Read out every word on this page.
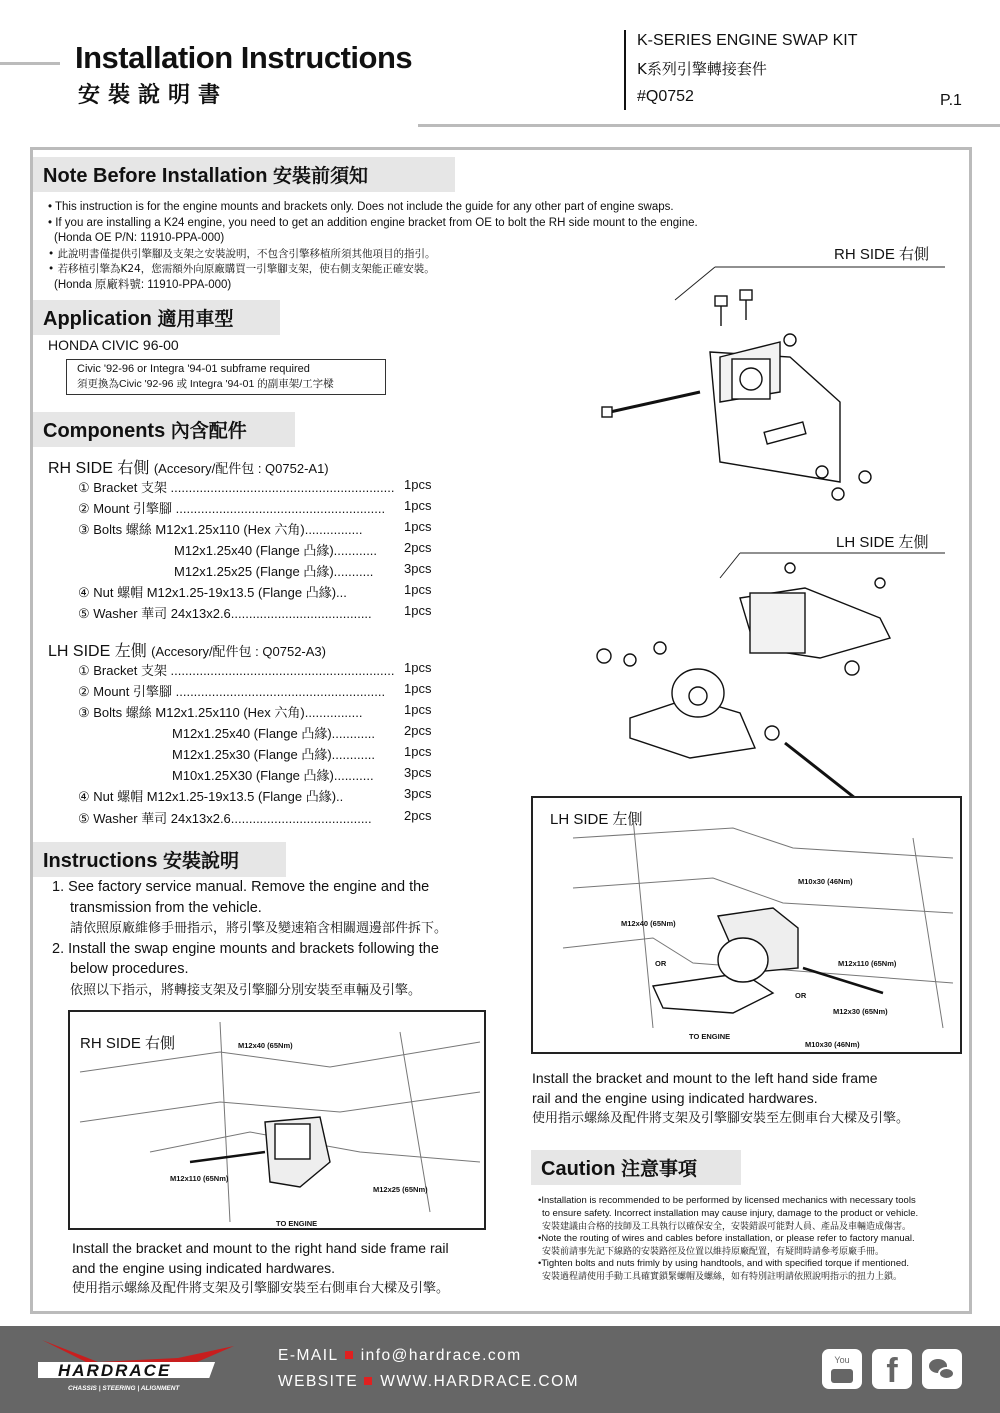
Installation Instructions
安裝說明書
K-SERIES ENGINE SWAP KIT
K系列引擎轉接套件
#Q0752	P.1
Note Before Installation 安裝前須知
• This instruction is for the engine mounts and brackets only. Does not include the guide for any other part of engine swaps.
• If you are installing a K24 engine, you need to get an addition engine bracket from OE to bolt the RH side mount to the engine.
(Honda OE P/N: 11910-PPA-000)
• 此說明書僅提供引擎腳及支架之安裝說明，不包含引擎移植所須其他項目的指引。
• 若移植引擎為K24，您需額外向原廠購買一引擎腳支架，使右側支架能正確安裝。
(Honda 原廠料號: 11910-PPA-000)
Application 適用車型
HONDA CIVIC 96-00
Civic '92-96 or Integra '94-01 subframe required
須更換為Civic '92-96 或 Integra '94-01 的副車架/工字樑
Components 內含配件
RH SIDE 右側 (Accesory/配件包 : Q0752-A1)
① Bracket 支架 .............................................................. 1pcs
② Mount 引擎腳 .......................................................... 1pcs
③ Bolts 螺絲 M12x1.25x110 (Hex 六角)................	1pcs
M12x1.25x40 (Flange 凸緣)............ 2pcs
M12x1.25x25 (Flange 凸緣)........... 3pcs
④ Nut 螺帽 M12x1.25-19x13.5 (Flange 凸緣)...	1pcs
⑤ Washer 華司 24x13x2.6....................................... 1pcs
LH SIDE 左側 (Accesory/配件包 : Q0752-A3)
① Bracket 支架 .............................................................. 1pcs
② Mount 引擎腳 .......................................................... 1pcs
③ Bolts 螺絲 M12x1.25x110 (Hex 六角)................	1pcs
M12x1.25x40 (Flange 凸緣)............ 2pcs
M12x1.25x30 (Flange 凸緣)............ 1pcs
M10x1.25X30 (Flange 凸緣)........... 3pcs
④ Nut 螺帽 M12x1.25-19x13.5 (Flange 凸緣)..	3pcs
⑤ Washer 華司 24x13x2.6....................................... 2pcs
RH SIDE 右側
LH SIDE 左側
Instructions 安裝說明
1. See factory service manual. Remove the engine and the
transmission from the vehicle.
請依照原廠維修手冊指示，將引擎及變速箱含相關週邊部件拆下。
2. Install the swap engine mounts and brackets following the
below procedures.
依照以下指示，將轉接支架及引擎腳分別安裝至車輛及引擎。
LH SIDE 左側
M10x30 (46Nm)
M12x40 (65Nm)
OR	M12x110 (65Nm)
OR
M12x30 (65Nm)
TO ENGINE
M10x30 (46Nm)
Install the bracket and mount to the left hand side frame
rail and the engine using indicated hardwares.
使用指示螺絲及配件將支架及引擎腳安裝至左側車台大樑及引擎。
RH SIDE 右側	M12x40 (65Nm)
M12x110 (65Nm)
M12x25 (65Nm)
TO ENGINE
Install the bracket and mount to the right hand side frame rail
and the engine using indicated hardwares.
使用指示螺絲及配件將支架及引擎腳安裝至右側車台大樑及引擎。
Caution 注意事項
•Installation is recommended to be performed by licensed mechanics with necessary tools
to ensure safety. Incorrect installation may cause injury, damage to the product or vehicle.
安裝建議由合格的技師及工具執行以確保安全，安裝錯誤可能對人員、產品及車輛造成傷害。
•Note the routing of wires and cables before installation, or please refer to factory manual.
安裝前請事先記下線路的安裝路徑及位置以維持原廠配置，有疑問時請參考原廠手冊。
•Tighten bolts and nuts frimly by using handtools, and with specified torque if mentioned.
安裝過程請使用手動工具確實鎖緊螺帽及螺絲，如有特別註明請依照說明指示的扭力上鎖。
HARDRACE
CHASSIS | STEERING | ALIGNMENT
E-MAIL info@hardrace.com
WEBSITE WWW.HARDRACE.COM
You	f
